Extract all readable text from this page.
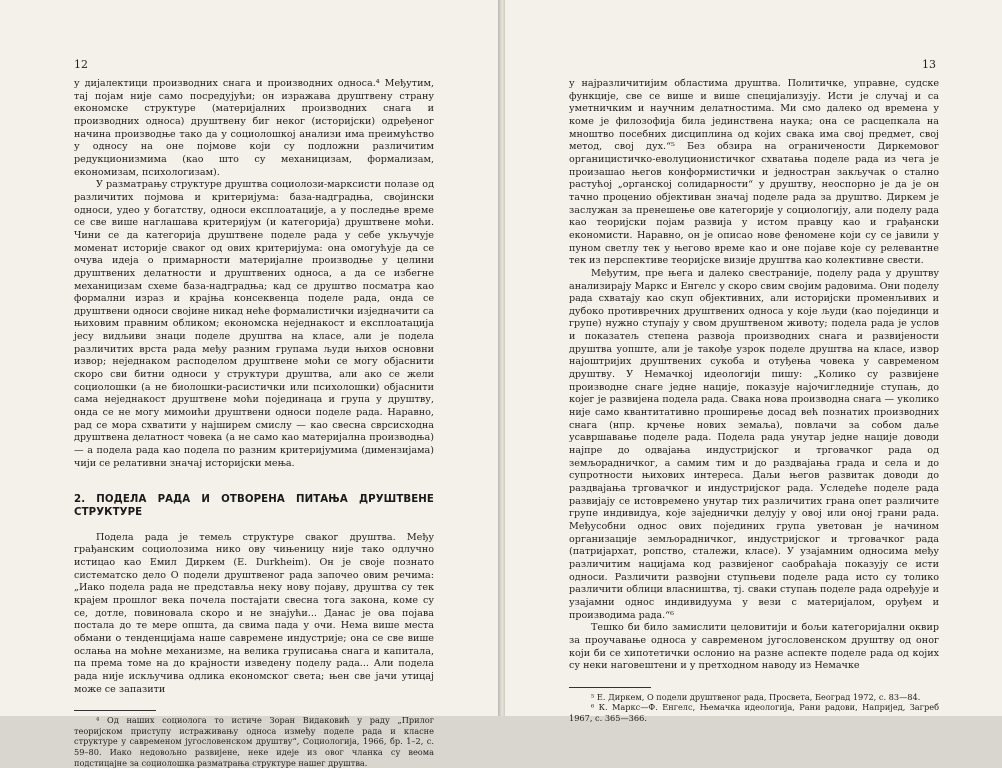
12

у дијалектици производних снага и производних односа.⁴ Међутим, тај појам није само посредујући; он изражава друштвену страну економске структуре (материјалних производних снага и производних односа) друштвену биг неког (историјски) одређеног начина производње тако да у социолошкој анализи има преимућство у односу на оне појмове који су подложни различитим редукционизмима (као што су механицизам, формализам, економизам, психологизам).

У разматрању структуре друштва социолози-марксисти полазе од различитих појмова и критеријума: база-надградња, својински односи, удео у богатству, односи експлоатације, а у последње време се све више наглашава критеријум (и категорија) друштвене моћи. Чини се да категорија друштвене поделе рада у себе укључује моменат историје сваког од ових критеријума: она омогућује да се очува идеја о примарности материјалне производње у целини друштвених делатности и друштвених односа, а да се избегне механицизам схеме база-надградња; кад се друштво посматра као формални израз и крајња консеквенца поделе рада, онда се друштвени односи својине никад неће формалистички изједначити са њиховим правним обликом; економска неједнакост и експлоатација јесу видљиви знаци поделе друштва на класе, али је подела различитих врста рада међу разним групама људи њихов основни извор; неједнаком расподелом друштвене моћи се могу објаснити скоро сви битни односи у структури друштва, али ако се жели социолошки (а не биолошки-расистички или психолошки) објаснити сама неједнакост друштвене моћи појединаца и група у друштву, онда се не могу мимоићи друштвени односи поделе рада. Наравно, рад се мора схватити у најширем смислу — као свесна сврсисходна друштвена делатност човека (а не само као материјална производња) — а подела рада као подела по разним критеријумима (димензијама) чији се релативни значај историјски мења.

2. ПОДЕЛА РАДА И ОТВОРЕНА ПИТАЊА ДРУШТВЕНЕ СТРУКТУРЕ

Подела рада је темељ структуре сваког друштва. Међу грађанским социолозима нико ову чињеницу није тако одлучно истицао као Емил Диркем (E. Durkheim). Он је своје познато систематско дело О подели друштвеног рада започео овим речима: „Иако подела рада не представља неку нову појаву, друштва су тек крајем прошлог века почела постајати свесна тога закона, коме су се, дотле, повиновала скоро и не знајући... Данас је ова појава постала до те мере општа, да свима пада у очи. Нема више места обмани о тенденцијама наше савремене индустрије; она се све више ослања на моћне механизме, на велика груписања снага и капитала, па према томе на до крајности изведену поделу рада... Али подела рада није искључива одлика економског света; њен све јачи утицај може се запазити

⁴ Од наших социолога то истиче Зоран Видаковић у раду „Прилог теоријском приступу истраживању односа између поделе рада и класне структуре у савременом југословенском друштву“, Социологија, 1966, бр. 1–2, с. 59–80. Иако недовољно развијене, неке идеје из овог чланка су веома подстицајне за социолошка разматрања структуре нашег друштва.

13

у најразличитијим областима друштва. Политичке, управне, судске функције, све се више и више специјализују. Исти је случај и са уметничким и научним делатностима. Ми смо далеко од времена у коме је филозофија била јединствена наука; она се расцепкала на мноштво посебних дисциплина од којих свака има свој предмет, свој метод, свој дух.“⁵ Без обзира на ограничености Диркемовог органицистичко-еволуционистичког схватања поделе рада из чега је произашао његов конформистички и једностран закључак о стално растућој „органској солидарности“ у друштву, неоспорно је да је он тачно проценио објективан значај поделе рада за друштво. Диркем је заслужан за пренешење ове категорије у социологију, али поделу рада као теоријски појам развија у истом правцу као и грађански економисти. Наравно, он је описао нове феномене који су се јавили у пуном светлу тек у његово време као и оне појаве које су релевантне тек из перспективе теоријске визије друштва као колективне свести.

Међутим, пре њега и далеко свестраније, поделу рада у друштву анализирају Маркс и Енгелс у скоро свим својим радовима. Они поделу рада схватају као скуп објективних, али историјски променљивих и дубоко противречних друштвених односа у које људи (као појединци и групе) нужно ступају у свом друштвеном животу; подела рада је услов и показатељ степена развоја производних снага и развијености друштва уопште, али је такође узрок поделе друштва на класе, извор најоштријих друштвених сукоба и отуђења човека у савременом друштву. У Немачкој идеологији пишу: „Колико су развијене производне снаге једне нације, показује најочигледније ступањ, до којег је развијена подела рада. Свака нова производна снага — уколико није само квантитативно проширење досад већ познатих производних снага (нпр. крчење нових земаља), повлачи за собом даље усавршавање поделе рада. Подела рада унутар једне нације доводи најпре до одвајања индустријског и трговачког рада од земљорадничког, а самим тим и до раздвајања града и села и до супротности њихових интереса. Даљи његов развитак доводи до раздвајања трговачког и индустријског рада. Уследеће поделе рада развијају се истовремено унутар тих различитих грана опет различите групе индивидуа, које заједнички делују у овој или оној грани рада. Међусобни однос ових појединих група уветован је начином организације земљорадничког, индустријског и трговачког рада (патријархат, ропство, сталежи, класе). У узајамним односима међу различитим нацијама код развијеног саобраћаја показују се исти односи. Различити развојни ступњеви поделе рада исто су толико различити облици власништва, тј. сваки ступањ поделе рада одређује и узајамни однос индивидуума у вези с материјалом, оруђем и производима рада.“⁶

Тешко би било замислити целовитији и бољи категоријални оквир за проучавање односа у савременом југословенском друштву од оног који би се хипотетички ослонио на разне аспекте поделе рада од којих су неки наговештени и у претходном наводу из Немачке

⁵ Е. Диркем, О подели друштвеног рада, Просвета, Београд 1972, с. 83—84.

⁶ К. Маркс—Ф. Енгелс, Њемачка идеологија, Рани радови, Напријед, Загреб 1967, с. 365—366.
